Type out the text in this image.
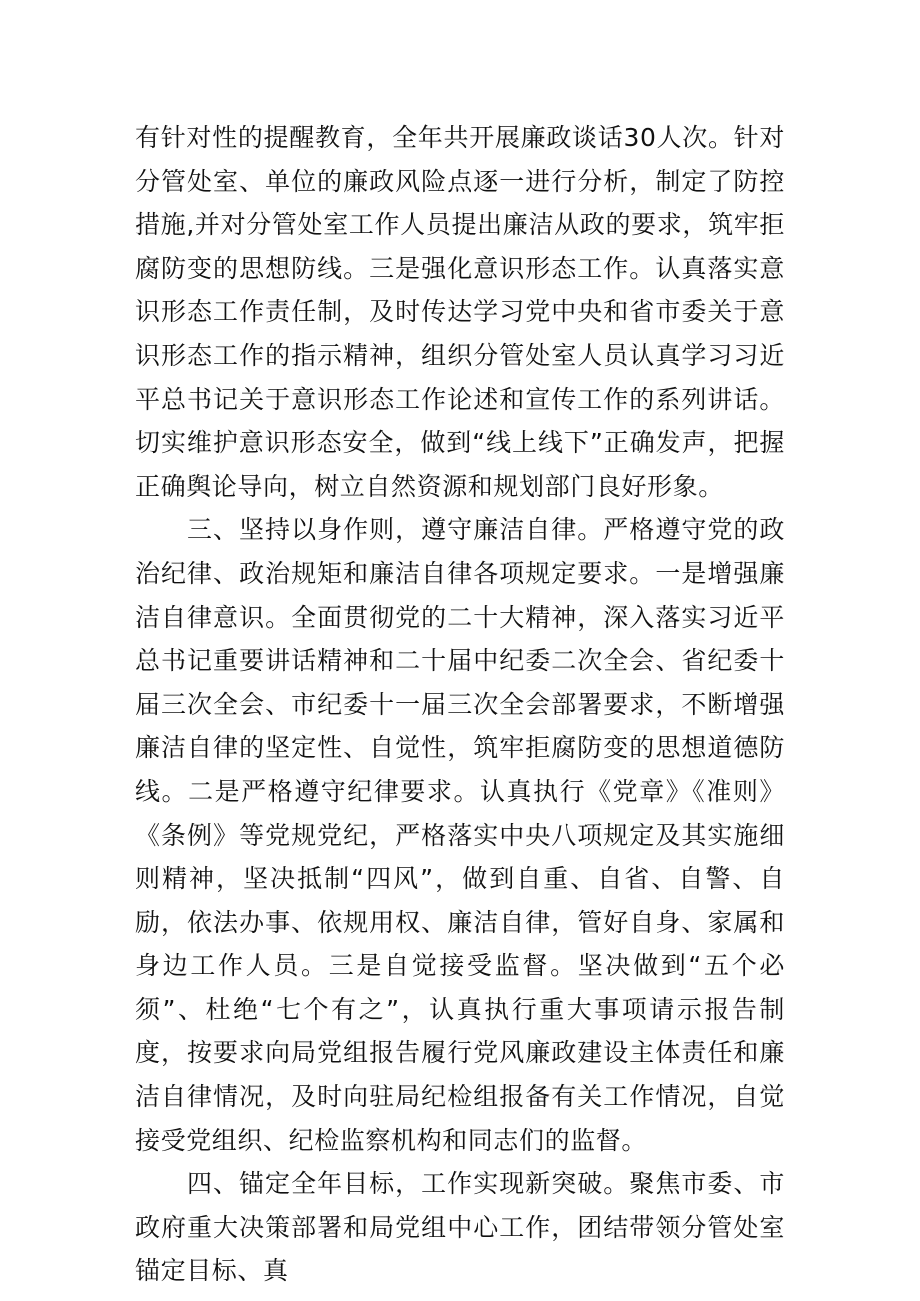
有针对性的提醒教育，全年共开展廉政谈话30人次。针对分管处室、单位的廉政风险点逐一进行分析，制定了防控措施,并对分管处室工作人员提出廉洁从政的要求，筑牢拒腐防变的思想防线。三是强化意识形态工作。认真落实意识形态工作责任制，及时传达学习党中央和省市委关于意识形态工作的指示精神，组织分管处室人员认真学习习近平总书记关于意识形态工作论述和宣传工作的系列讲话。切实维护意识形态安全，做到“线上线下”正确发声，把握正确舆论导向，树立自然资源和规划部门良好形象。

三、坚持以身作则，遵守廉洁自律。严格遵守党的政治纪律、政治规矩和廉洁自律各项规定要求。一是增强廉洁自律意识。全面贯彻党的二十大精神，深入落实习近平总书记重要讲话精神和二十届中纪委二次全会、省纪委十届三次全会、市纪委十一届三次全会部署要求，不断增强廉洁自律的坚定性、自觉性，筑牢拒腐防变的思想道德防线。二是严格遵守纪律要求。认真执行《党章》《准则》《条例》等党规党纪，严格落实中央八项规定及其实施细则精神，坚决抵制“四风”，做到自重、自省、自警、自励，依法办事、依规用权、廉洁自律，管好自身、家属和身边工作人员。三是自觉接受监督。坚决做到“五个必须”、杜绝“七个有之”，认真执行重大事项请示报告制度，按要求向局党组报告履行党风廉政建设主体责任和廉洁自律情况，及时向驻局纪检组报备有关工作情况，自觉接受党组织、纪检监察机构和同志们的监督。

四、锚定全年目标，工作实现新突破。聚焦市委、市政府重大决策部署和局党组中心工作，团结带领分管处室锚定目标、真
